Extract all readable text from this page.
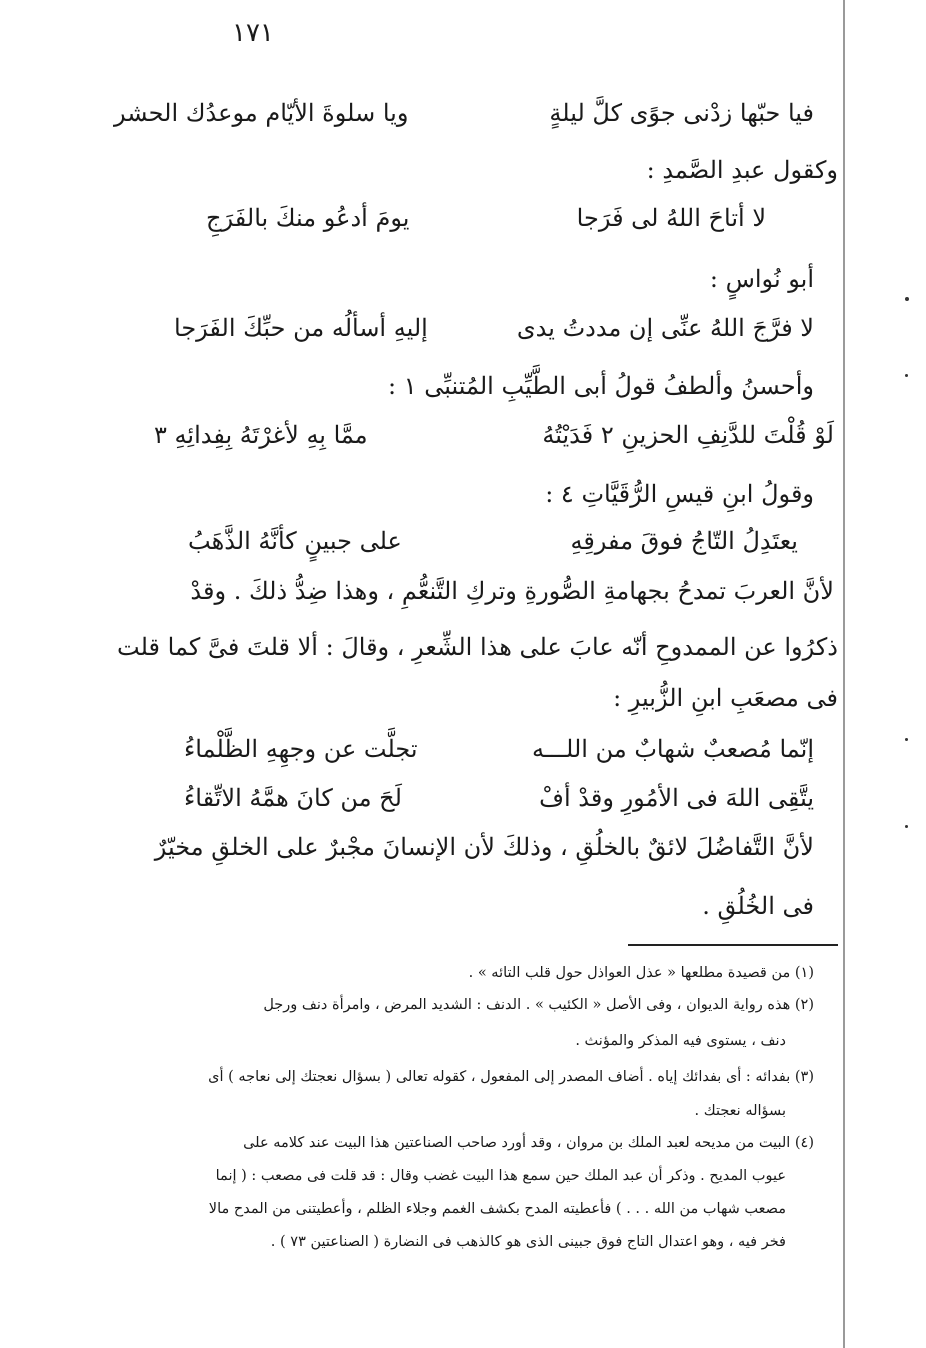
١٧١
فيا حبّها زدْنى جوًى كلَّ ليلةٍ
ويا سلوةَ الأيّام موعدُك الحشر
وكقول عبدِ الصَّمدِ :
لا أتاحَ اللهُ لى فَرَجا
يومَ أدعُو منكَ بالفَرَجِ
أبو نُواسٍ :
لا فرَّجَ اللهُ عنِّى إن مددتُ يدى
إليهِ أسألُه من حبِّكَ الفَرَجا
وأحسنُ وألطفُ قولُ أبى الطَّيِّبِ المُتنبِّى ١ :
لَوْ قُلْتَ للدَّنِفِ الحزينِ ٢ فَدَيْتُهُ
ممَّا بِهِ لأغرْتَهُ بِفِدائِهِ ٣
وقولُ ابنِ قيسِ الرُّقَيَّاتِ ٤ :
يعتَدِلُ التّاجُ فوقَ مفرقِهِ
على جبينٍ كأنَّهُ الذَّهَبُ
لأنَّ العربَ تمدحُ بجهامةِ الصُّورةِ وتركِ التَّنعُّمِ ، وهذا ضِدُّ ذلكَ . وقدْ
ذكرُوا عن الممدوحِ أنّه عابَ على هذا الشِّعرِ ، وقالَ : ألا قلتَ فىَّ كما قلت
فى مصعَبِ ابنِ الزُّبيرِ :
إنّما مُصعبٌ شهابٌ من اللـــه
تجلَّت عن وجهِهِ الظَّلْماءُ
يتَّقِى اللهَ فى الأمُورِ وقدْ أفْ
لَحَ من كانَ همَّهُ الاتِّقاءُ
لأنَّ التَّفاضُلَ لائقٌ بالخلُقِ ، وذلكَ لأن الإنسانَ مجْبرٌ على الخلقِ مخيّرٌ
فى الخُلُقِ .
(١) من قصيدة مطلعها « عذل العواذل حول قلب التائه » .
(٢) هذه رواية الديوان ، وفى الأصل « الكئيب » . الدنف : الشديد المرض ، وامرأة دنف ورجل
دنف ، يستوى فيه المذكر والمؤنث .
(٣) بفدائه : أى بفدائك إياه . أضاف المصدر إلى المفعول ، كقوله تعالى ( بسؤال نعجتك إلى نعاجه ) أى
بسؤاله نعجتك .
(٤) البيت من مديحه لعبد الملك بن مروان ، وقد أورد صاحب الصناعتين هذا البيت عند كلامه على
عيوب المديح . وذكر أن عبد الملك حين سمع هذا البيت غضب وقال : قد قلت فى مصعب : ( إنما
مصعب شهاب من الله . . . ) فأعطيته المدح بكشف الغمم وجلاء الظلم ، وأعطيتنى من المدح مالا
فخر فيه ، وهو اعتدال التاج فوق جبينى الذى هو كالذهب فى النضارة ( الصناعتين ٧٣ ) .
